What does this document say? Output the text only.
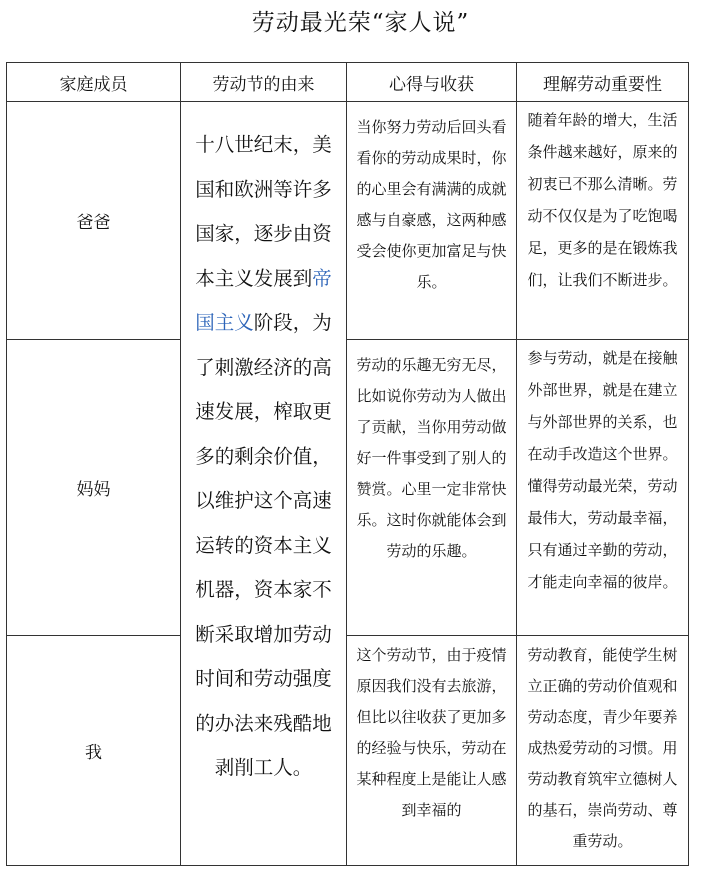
劳动最光荣“家人说”
家庭成员	劳动节的由来	心得与收获	理解劳动重要性
爸爸	十八世纪末，美国和欧洲等许多国家，逐步由资本主义发展到帝国主义阶段，为了刺激经济的高速发展，榨取更多的剩余价值，以维护这个高速运转的资本主义机器，资本家不断采取增加劳动时间和劳动强度的办法来残酷地剥削工人。	当你努力劳动后回头看看你的劳动成果时，你的心里会有满满的成就感与自豪感，这两种感受会使你更加富足与快乐。	随着年龄的增大，生活条件越来越好，原来的初衷已不那么清晰。劳动不仅仅是为了吃饱喝足，更多的是在锻炼我们，让我们不断进步。
妈妈		劳动的乐趣无穷无尽，比如说你劳动为人做出了贡献，当你用劳动做好一件事受到了别人的赞赏。心里一定非常快乐。这时你就能体会到劳动的乐趣。	参与劳动，就是在接触外部世界，就是在建立与外部世界的关系，也在动手改造这个世界。懂得劳动最光荣，劳动最伟大，劳动最幸福，只有通过辛勤的劳动，才能走向幸福的彼岸。
我		这个劳动节，由于疫情原因我们没有去旅游，但比以往收获了更加多的经验与快乐，劳动在某种程度上是能让人感到幸福的	劳动教育，能使学生树立正确的劳动价值观和劳动态度，青少年要养成热爱劳动的习惯。用劳动教育筑牢立德树人的基石，崇尚劳动、尊重劳动。
